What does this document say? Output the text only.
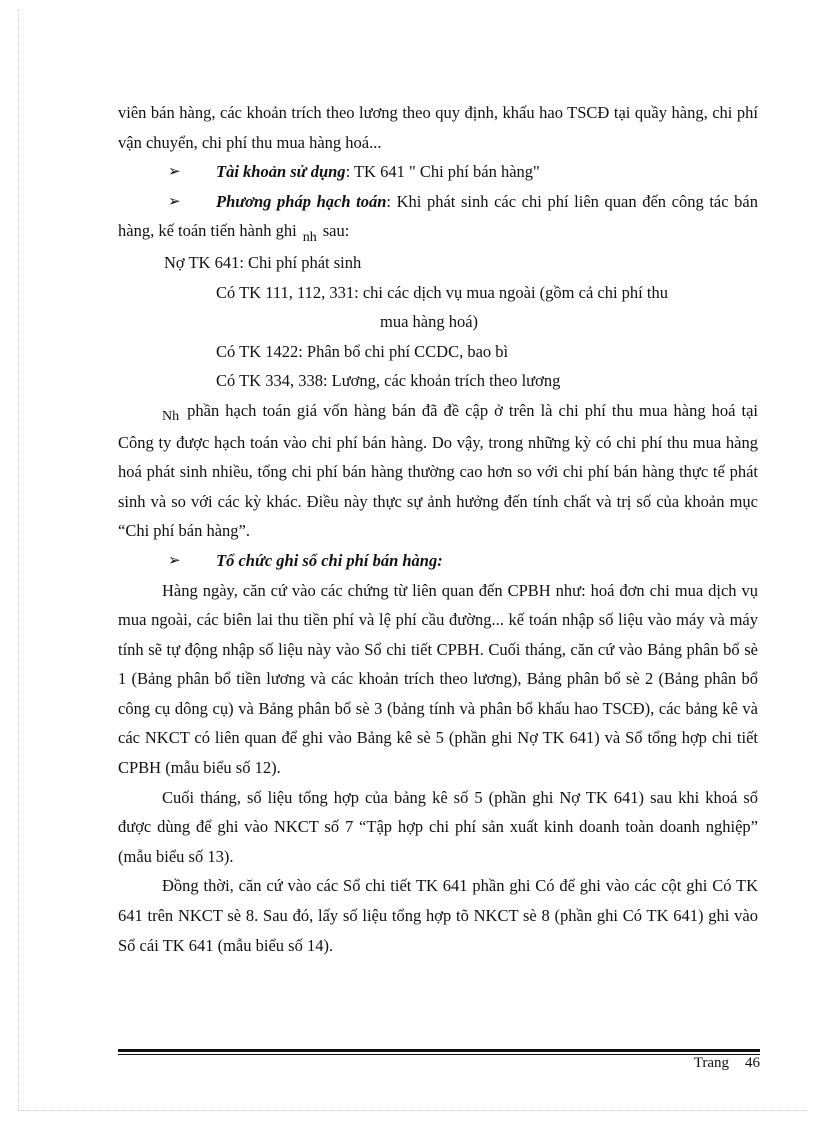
viên bán hàng, các khoản trích theo lương theo quy định, khấu hao TSCĐ tại quầy hàng, chi phí vận chuyển, chi phí thu mua hàng hoá...

➢ Tài khoản sử dụng: TK 641 " Chi phí bán hàng"

➢ Phương pháp hạch toán: Khi phát sinh các chi phí liên quan đến công tác bán hàng, kế toán tiến hành ghi $_{nh}$ sau:

Nợ TK 641: Chi phí phát sinh

Có TK 111, 112, 331: chi các dịch vụ mua ngoài (gồm cả chi phí thu

mua hàng hoá)

Có TK 1422: Phân bổ chi phí CCDC, bao bì

Có TK 334, 338: Lương, các khoản trích theo lương

$_{Nh}$ phần hạch toán giá vốn hàng bán đã đề cập ở trên là chi phí thu mua hàng hoá tại Công ty được hạch toán vào chi phí bán hàng. Do vậy, trong những kỳ có chi phí thu mua hàng hoá phát sinh nhiều, tổng chi phí bán hàng thường cao hơn so với chi phí bán hàng thực tế phát sinh và so với các kỳ khác. Điều này thực sự ảnh hưởng đến tính chất và trị số của khoản mục “Chi phí bán hàng”.

➢ Tổ chức ghi sổ chi phí bán hàng:

Hàng ngày, căn cứ vào các chứng từ liên quan đến CPBH như: hoá đơn chi mua dịch vụ mua ngoài, các biên lai thu tiền phí và lệ phí cầu đường... kế toán nhập số liệu vào máy và máy tính sẽ tự động nhập số liệu này vào Sổ chi tiết CPBH. Cuối tháng, căn cứ vào Bảng phân bổ sè 1 (Bảng phân bổ tiền lương và các khoản trích theo lương), Bảng phân bổ sè 2 (Bảng phân bổ công cụ dông cụ) và Bảng phân bổ sè 3 (bảng tính và phân bổ khấu hao TSCĐ), các bảng kê và các NKCT có liên quan để ghi vào Bảng kê sè 5 (phần ghi Nợ TK 641) và Sổ tổng hợp chi tiết CPBH (mẫu biểu số 12).

Cuối tháng, số liệu tổng hợp của bảng kê số 5 (phần ghi Nợ TK 641) sau khi khoá sổ được dùng để ghi vào NKCT số 7 “Tập hợp chi phí sản xuất kinh doanh toàn doanh nghiệp” (mẫu biểu số 13).

Đồng thời, căn cứ vào các Sổ chi tiết TK 641 phần ghi Có để ghi vào các cột ghi Có TK 641 trên NKCT sè 8. Sau đó, lấy số liệu tổng hợp tõ NKCT sè 8 (phần ghi Có TK 641) ghi vào Sổ cái TK 641 (mẫu biểu số 14).

Trang 46
